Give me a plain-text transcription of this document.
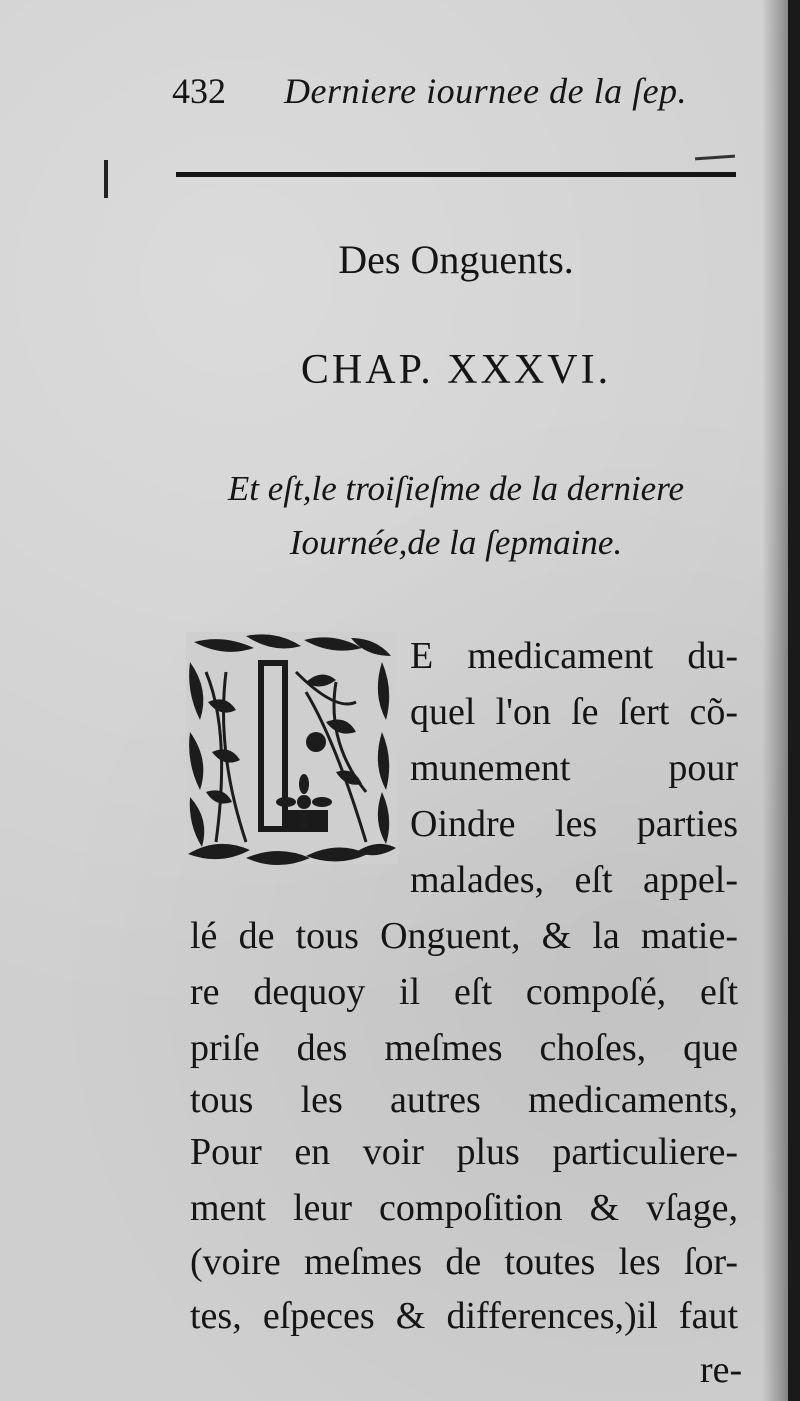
432 Derniere iournee de la ſep.
Des Onguents.
CHAP. XXXVI.
Et eſt,le troiſieſme de la derniere
Iournée,de la ſepmaine.
L
E medicament du-
quel l'on ſe ſert cõ-
munement pour
Oindre les parties
malades, eſt appel-
lé de tous Onguent, & la matie-
re dequoy il eſt compoſé, eſt
priſe des meſmes choſes, que
tous les autres medicaments,
Pour en voir plus particuliere-
ment leur compoſition & vſage,
(voire meſmes de toutes les ſor-
tes, eſpeces & differences,)il faut
re-
